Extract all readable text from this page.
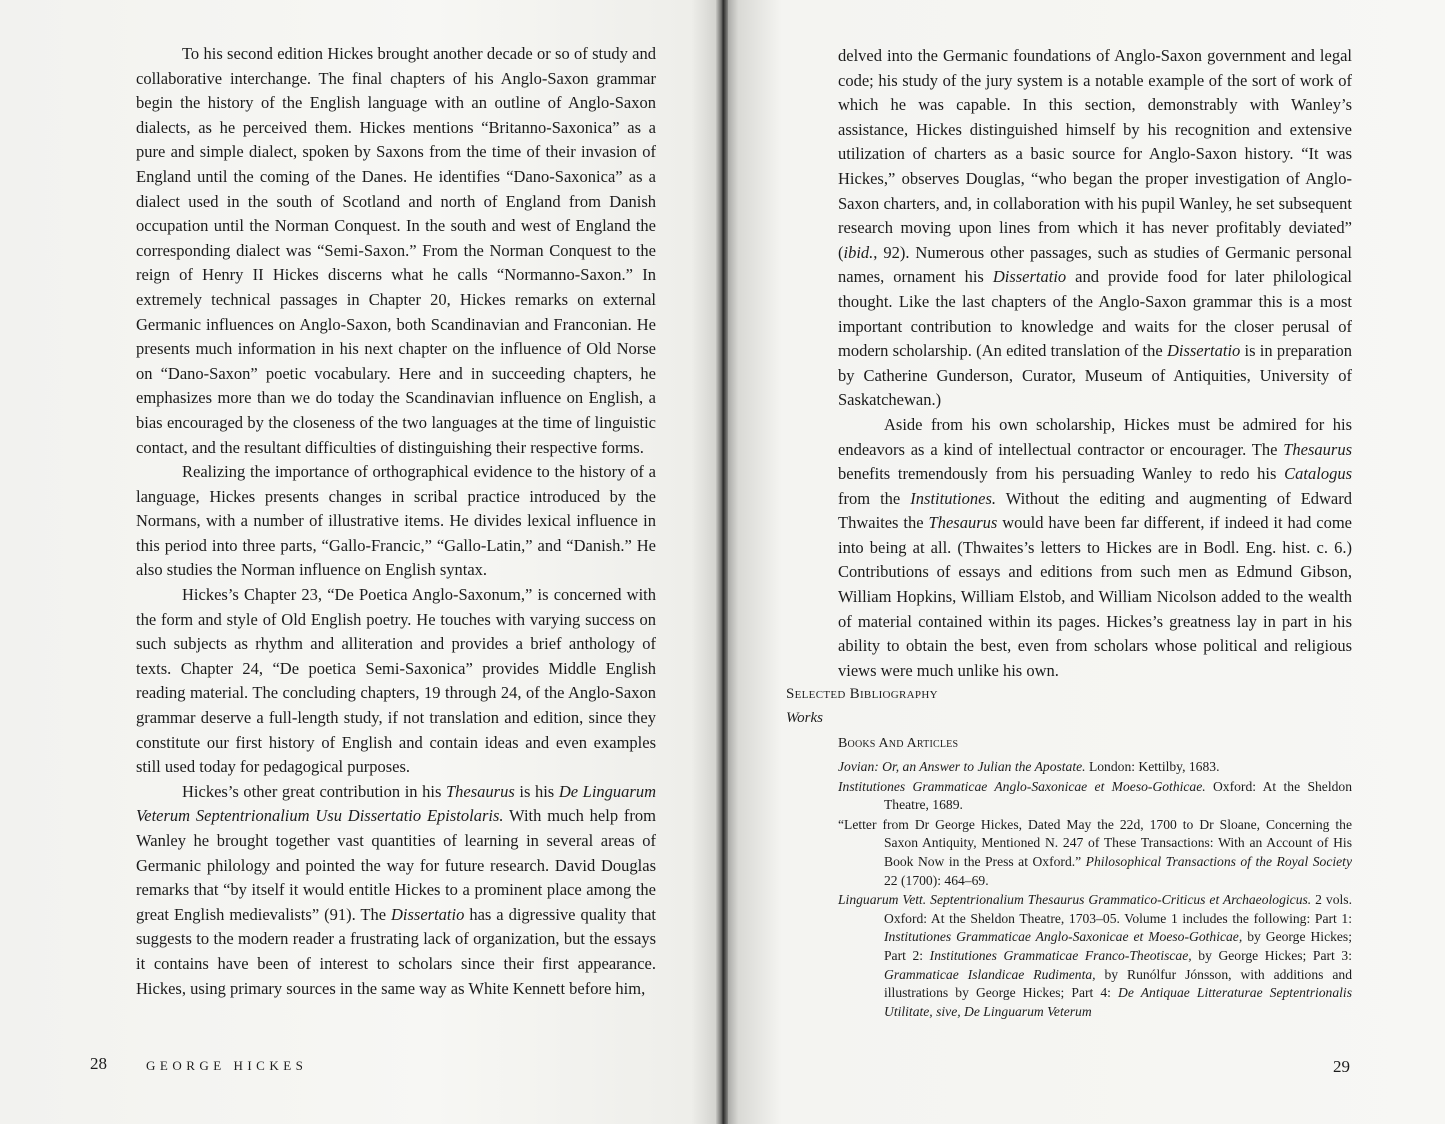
To his second edition Hickes brought another decade or so of study and collaborative interchange. The final chapters of his Anglo-Saxon grammar begin the history of the English language with an outline of Anglo-Saxon dialects, as he perceived them. Hickes mentions “Britanno-Saxonica” as a pure and simple dialect, spoken by Saxons from the time of their invasion of England until the coming of the Danes. He identifies “Dano-Saxonica” as a dialect used in the south of Scotland and north of England from Danish occupation until the Norman Conquest. In the south and west of England the corresponding dialect was “Semi-Saxon.” From the Norman Conquest to the reign of Henry II Hickes discerns what he calls “Normanno-Saxon.” In extremely technical passages in Chapter 20, Hickes remarks on external Germanic influences on Anglo-Saxon, both Scandinavian and Franconian. He presents much information in his next chapter on the influence of Old Norse on “Dano-Saxon” poetic vocabulary. Here and in succeeding chapters, he emphasizes more than we do today the Scandinavian influence on English, a bias encouraged by the closeness of the two languages at the time of linguistic contact, and the resultant difficulties of distinguishing their respective forms.

Realizing the importance of orthographical evidence to the history of a language, Hickes presents changes in scribal practice introduced by the Normans, with a number of illustrative items. He divides lexical influence in this period into three parts, “Gallo-Francic,” “Gallo-Latin,” and “Danish.” He also studies the Norman influence on English syntax.

Hickes’s Chapter 23, “De Poetica Anglo-Saxonum,” is concerned with the form and style of Old English poetry. He touches with varying success on such subjects as rhythm and alliteration and provides a brief anthology of texts. Chapter 24, “De poetica Semi-Saxonica” provides Middle English reading material. The concluding chapters, 19 through 24, of the Anglo-Saxon grammar deserve a full-length study, if not translation and edition, since they constitute our first history of English and contain ideas and even examples still used today for pedagogical purposes.

Hickes’s other great contribution in his Thesaurus is his De Linguarum Veterum Septentrionalium Usu Dissertatio Epistolaris. With much help from Wanley he brought together vast quantities of learning in several areas of Germanic philology and pointed the way for future research. David Douglas remarks that “by itself it would entitle Hickes to a prominent place among the great English medievalists” (91). The Dissertatio has a digressive quality that suggests to the modern reader a frustrating lack of organization, but the essays it contains have been of interest to scholars since their first appearance. Hickes, using primary sources in the same way as White Kennett before him,

28	GEORGE HICKES

delved into the Germanic foundations of Anglo-Saxon government and legal code; his study of the jury system is a notable example of the sort of work of which he was capable. In this section, demonstrably with Wanley’s assistance, Hickes distinguished himself by his recognition and extensive utilization of charters as a basic source for Anglo-Saxon history. “It was Hickes,” observes Douglas, “who began the proper investigation of Anglo-Saxon charters, and, in collaboration with his pupil Wanley, he set subsequent research moving upon lines from which it has never profitably deviated” (ibid., 92). Numerous other passages, such as studies of Germanic personal names, ornament his Dissertatio and provide food for later philological thought. Like the last chapters of the Anglo-Saxon grammar this is a most important contribution to knowledge and waits for the closer perusal of modern scholarship. (An edited translation of the Dissertatio is in preparation by Catherine Gunderson, Curator, Museum of Antiquities, University of Saskatchewan.)

Aside from his own scholarship, Hickes must be admired for his endeavors as a kind of intellectual contractor or encourager. The Thesaurus benefits tremendously from his persuading Wanley to redo his Catalogus from the Institutiones. Without the editing and augmenting of Edward Thwaites the Thesaurus would have been far different, if indeed it had come into being at all. (Thwaites’s letters to Hickes are in Bodl. Eng. hist. c. 6.) Contributions of essays and editions from such men as Edmund Gibson, William Hopkins, William Elstob, and William Nicolson added to the wealth of material contained within its pages. Hickes’s greatness lay in part in his ability to obtain the best, even from scholars whose political and religious views were much unlike his own.

Selected Bibliography
Works
Books And Articles

Jovian: Or, an Answer to Julian the Apostate. London: Kettilby, 1683.

Institutiones Grammaticae Anglo-Saxonicae et Moeso-Gothicae. Oxford: At the Sheldon Theatre, 1689.

“Letter from Dr George Hickes, Dated May the 22d, 1700 to Dr Sloane, Concerning the Saxon Antiquity, Mentioned N. 247 of These Transactions: With an Account of His Book Now in the Press at Oxford.” Philosophical Transactions of the Royal Society 22 (1700): 464–69.

Linguarum Vett. Septentrionalium Thesaurus Grammatico-Criticus et Archaeologicus. 2 vols. Oxford: At the Sheldon Theatre, 1703–05. Volume 1 includes the following: Part 1: Institutiones Grammaticae Anglo-Saxonicae et Moeso-Gothicae, by George Hickes; Part 2: Institutiones Grammaticae Franco-Theotiscae, by George Hickes; Part 3: Grammaticae Islandicae Rudimenta, by Runólfur Jónsson, with additions and illustrations by George Hickes; Part 4: De Antiquae Litteraturae Septentrionalis Utilitate, sive, De Linguarum Veterum

29
